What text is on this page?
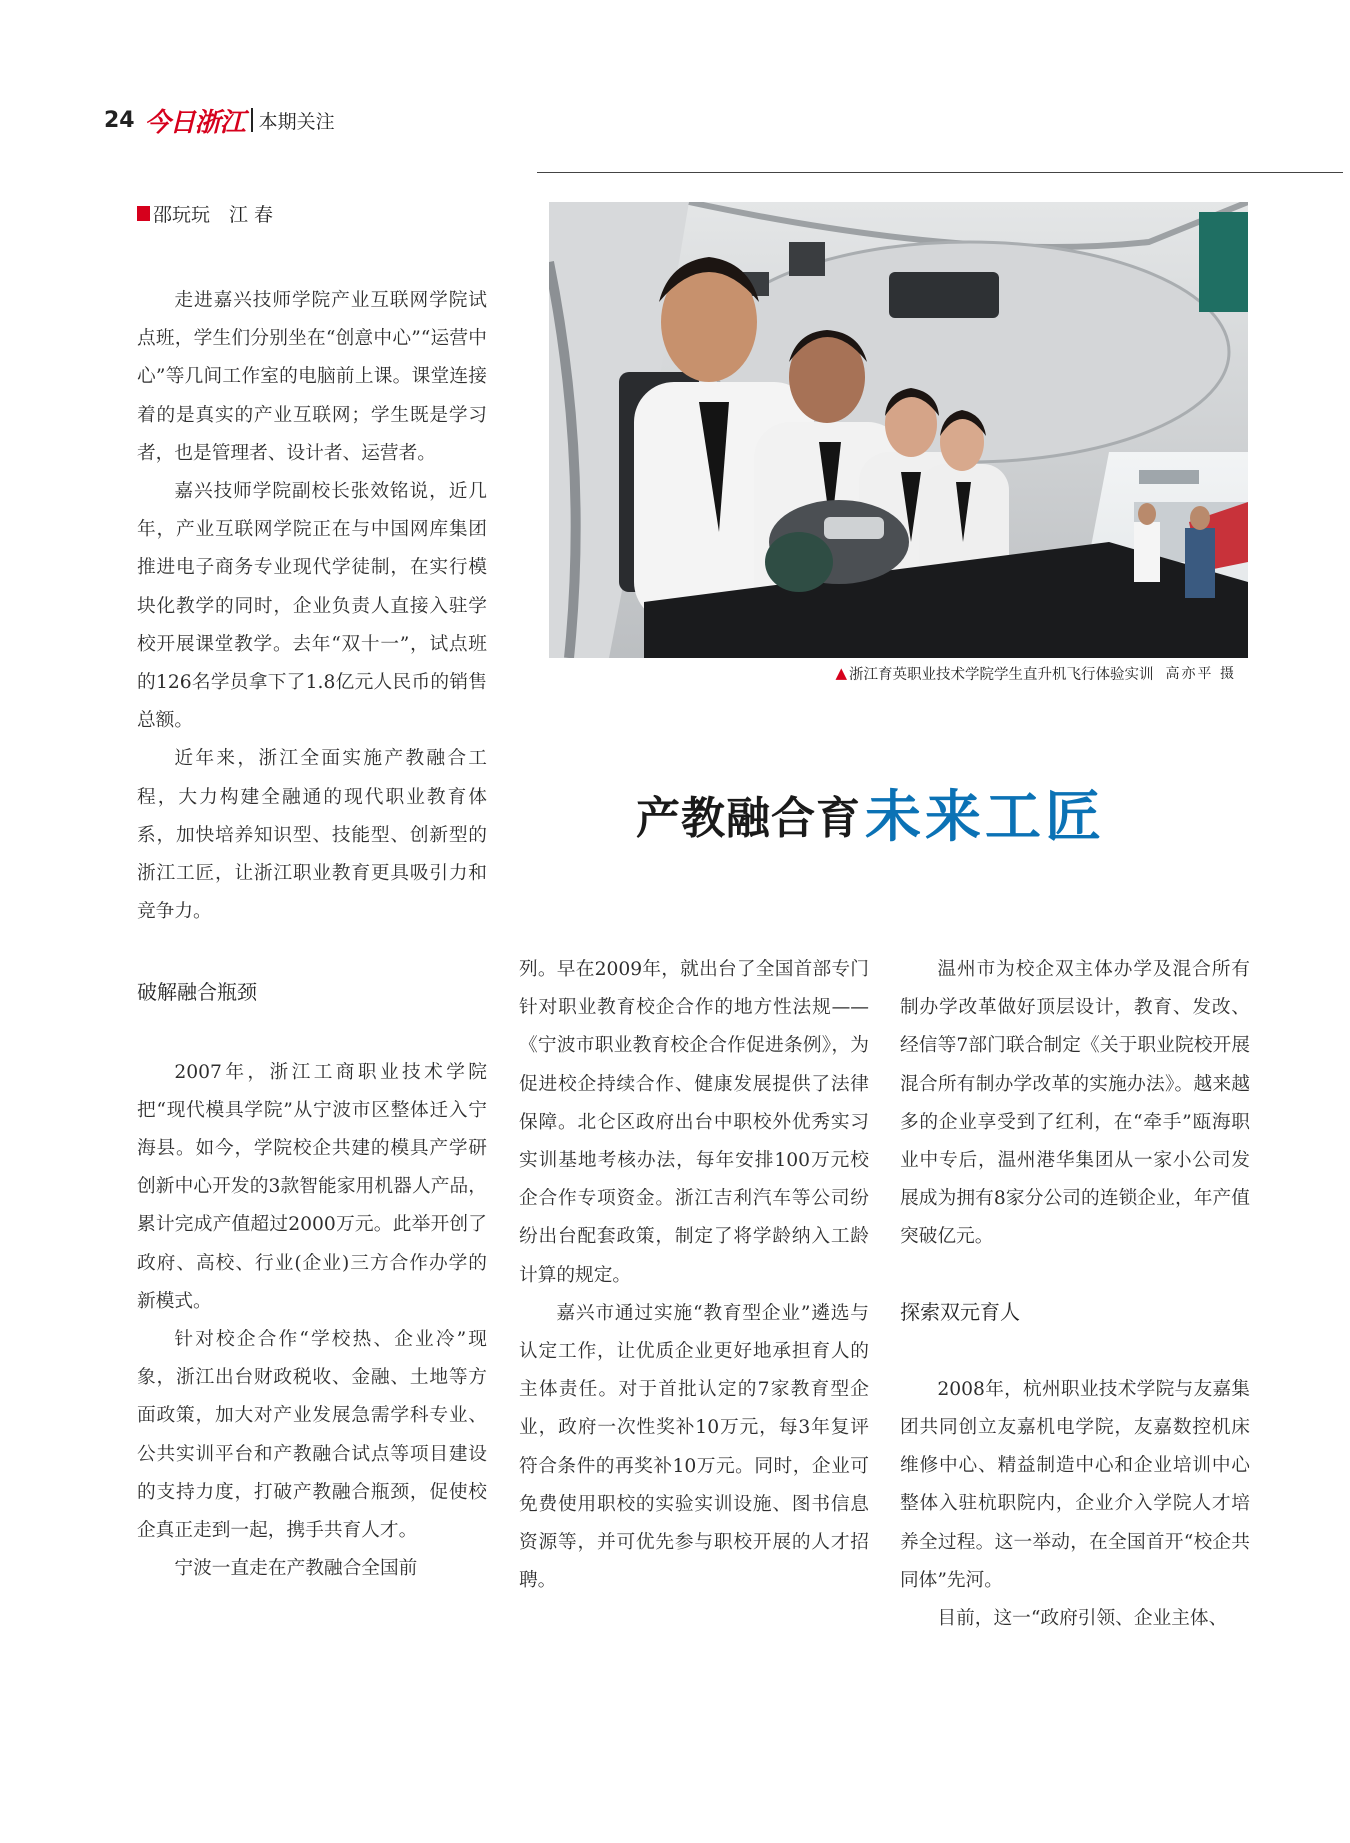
24 今日浙江 本期关注
邵玩玩　江 春

走进嘉兴技师学院产业互联网学院试点班，学生们分别坐在“创意中心”“运营中心”等几间工作室的电脑前上课。课堂连接着的是真实的产业互联网；学生既是学习者，也是管理者、设计者、运营者。

嘉兴技师学院副校长张效铭说，近几年，产业互联网学院正在与中国网库集团推进电子商务专业现代学徒制，在实行模块化教学的同时，企业负责人直接入驻学校开展课堂教学。去年“双十一”，试点班的126名学员拿下了1.8亿元人民币的销售总额。

近年来，浙江全面实施产教融合工程，大力构建全融通的现代职业教育体系，加快培养知识型、技能型、创新型的浙江工匠，让浙江职业教育更具吸引力和竞争力。

破解融合瓶颈

2007年，浙江工商职业技术学院把“现代模具学院”从宁波市区整体迁入宁海县。如今，学院校企共建的模具产学研创新中心开发的3款智能家用机器人产品，累计完成产值超过2000万元。此举开创了政府、高校、行业(企业)三方合作办学的新模式。

针对校企合作“学校热、企业冷”现象，浙江出台财政税收、金融、土地等方面政策，加大对产业发展急需学科专业、公共实训平台和产教融合试点等项目建设的支持力度，打破产教融合瓶颈，促使校企真正走到一起，携手共育人才。

宁波一直走在产教融合全国前

▲ 浙江育英职业技术学院学生直升机飞行体验实训 高亦平 摄
产教融合育 未来工匠

列。早在2009年，就出台了全国首部专门针对职业教育校企合作的地方性法规——《宁波市职业教育校企合作促进条例》，为促进校企持续合作、健康发展提供了法律保障。北仑区政府出台中职校外优秀实习实训基地考核办法，每年安排100万元校企合作专项资金。浙江吉利汽车等公司纷纷出台配套政策，制定了将学龄纳入工龄计算的规定。

嘉兴市通过实施“教育型企业”遴选与认定工作，让优质企业更好地承担育人的主体责任。对于首批认定的7家教育型企业，政府一次性奖补10万元，每3年复评符合条件的再奖补10万元。同时，企业可免费使用职校的实验实训设施、图书信息资源等，并可优先参与职校开展的人才招聘。

温州市为校企双主体办学及混合所有制办学改革做好顶层设计，教育、发改、经信等7部门联合制定《关于职业院校开展混合所有制办学改革的实施办法》。越来越多的企业享受到了红利，在“牵手”瓯海职业中专后，温州港华集团从一家小公司发展成为拥有8家分公司的连锁企业，年产值突破亿元。

探索双元育人

2008年，杭州职业技术学院与友嘉集团共同创立友嘉机电学院，友嘉数控机床维修中心、精益制造中心和企业培训中心整体入驻杭职院内，企业介入学院人才培养全过程。这一举动，在全国首开“校企共同体”先河。

目前，这一“政府引领、企业主体、
